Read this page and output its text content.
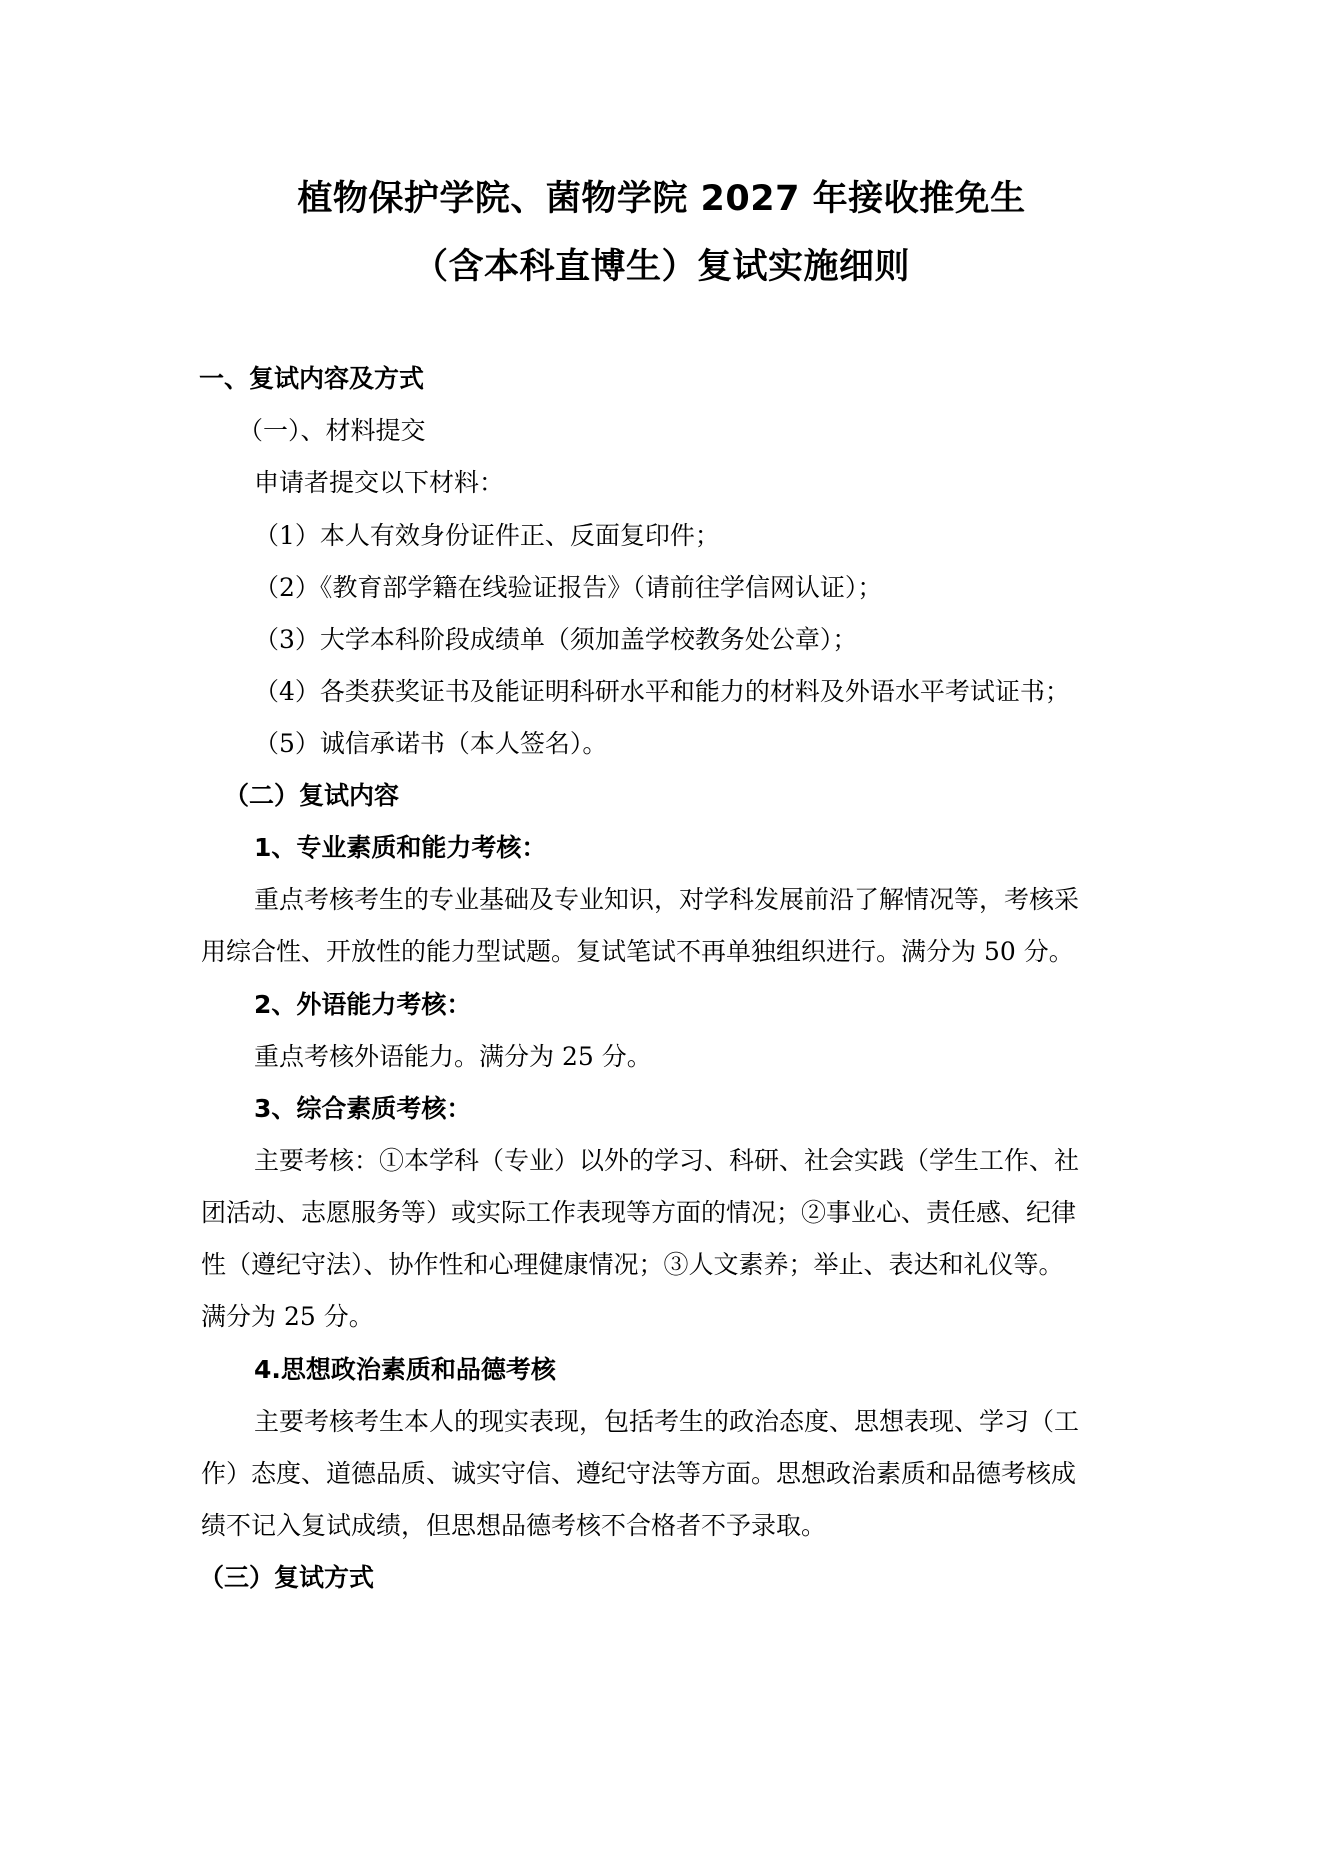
植物保护学院、菌物学院 2027 年接收推免生
（含本科直博生）复试实施细则
一、复试内容及方式
（一）、材料提交
申请者提交以下材料：
（1）本人有效身份证件正、反面复印件；
（2）《教育部学籍在线验证报告》（请前往学信网认证）；
（3）大学本科阶段成绩单（须加盖学校教务处公章）；
（4）各类获奖证书及能证明科研水平和能力的材料及外语水平考试证书；
（5）诚信承诺书（本人签名）。
（二）复试内容
1、专业素质和能力考核：
重点考核考生的专业基础及专业知识，对学科发展前沿了解情况等，考核采
用综合性、开放性的能力型试题。复试笔试不再单独组织进行。满分为 50 分。
2、外语能力考核：
重点考核外语能力。满分为 25 分。
3、综合素质考核：
主要考核：①本学科（专业）以外的学习、科研、社会实践（学生工作、社
团活动、志愿服务等）或实际工作表现等方面的情况；②事业心、责任感、纪律
性（遵纪守法）、协作性和心理健康情况；③人文素养；举止、表达和礼仪等。
满分为 25 分。
4.思想政治素质和品德考核
主要考核考生本人的现实表现，包括考生的政治态度、思想表现、学习（工
作）态度、道德品质、诚实守信、遵纪守法等方面。思想政治素质和品德考核成
绩不记入复试成绩，但思想品德考核不合格者不予录取。
（三）复试方式
